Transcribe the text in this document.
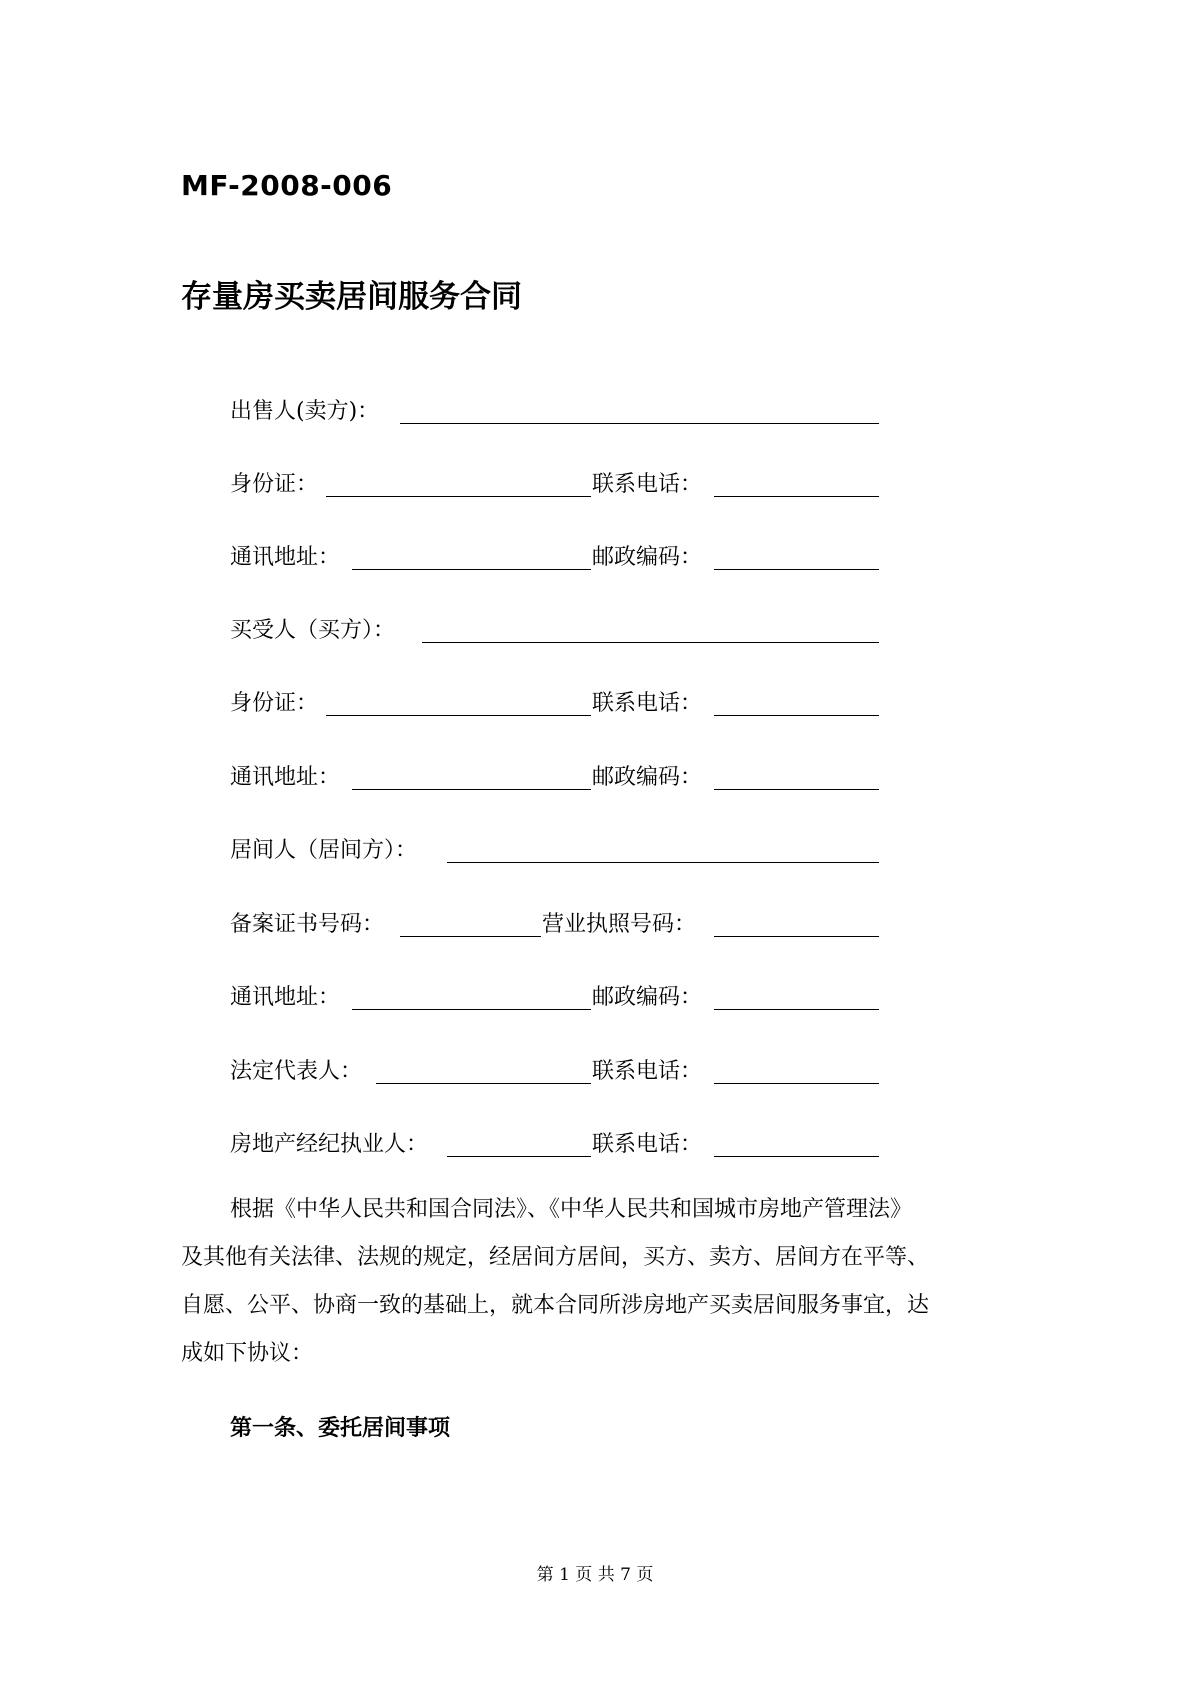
MF-2008-006
存量房买卖居间服务合同
出售人(卖方)：
身份证：	联系电话：
通讯地址：	邮政编码：
买受人（买方）：
身份证：	联系电话：
通讯地址：	邮政编码：
居间人（居间方）：
备案证书号码：	营业执照号码：
通讯地址：	邮政编码：
法定代表人：	联系电话：
房地产经纪执业人：	联系电话：
根据《中华人民共和国合同法》、《中华人民共和国城市房地产管理法》
及其他有关法律、法规的规定，经居间方居间，买方、卖方、居间方在平等、
自愿、公平、协商一致的基础上，就本合同所涉房地产买卖居间服务事宜，达
成如下协议：
第一条、委托居间事项
第 1 页 共 7 页
